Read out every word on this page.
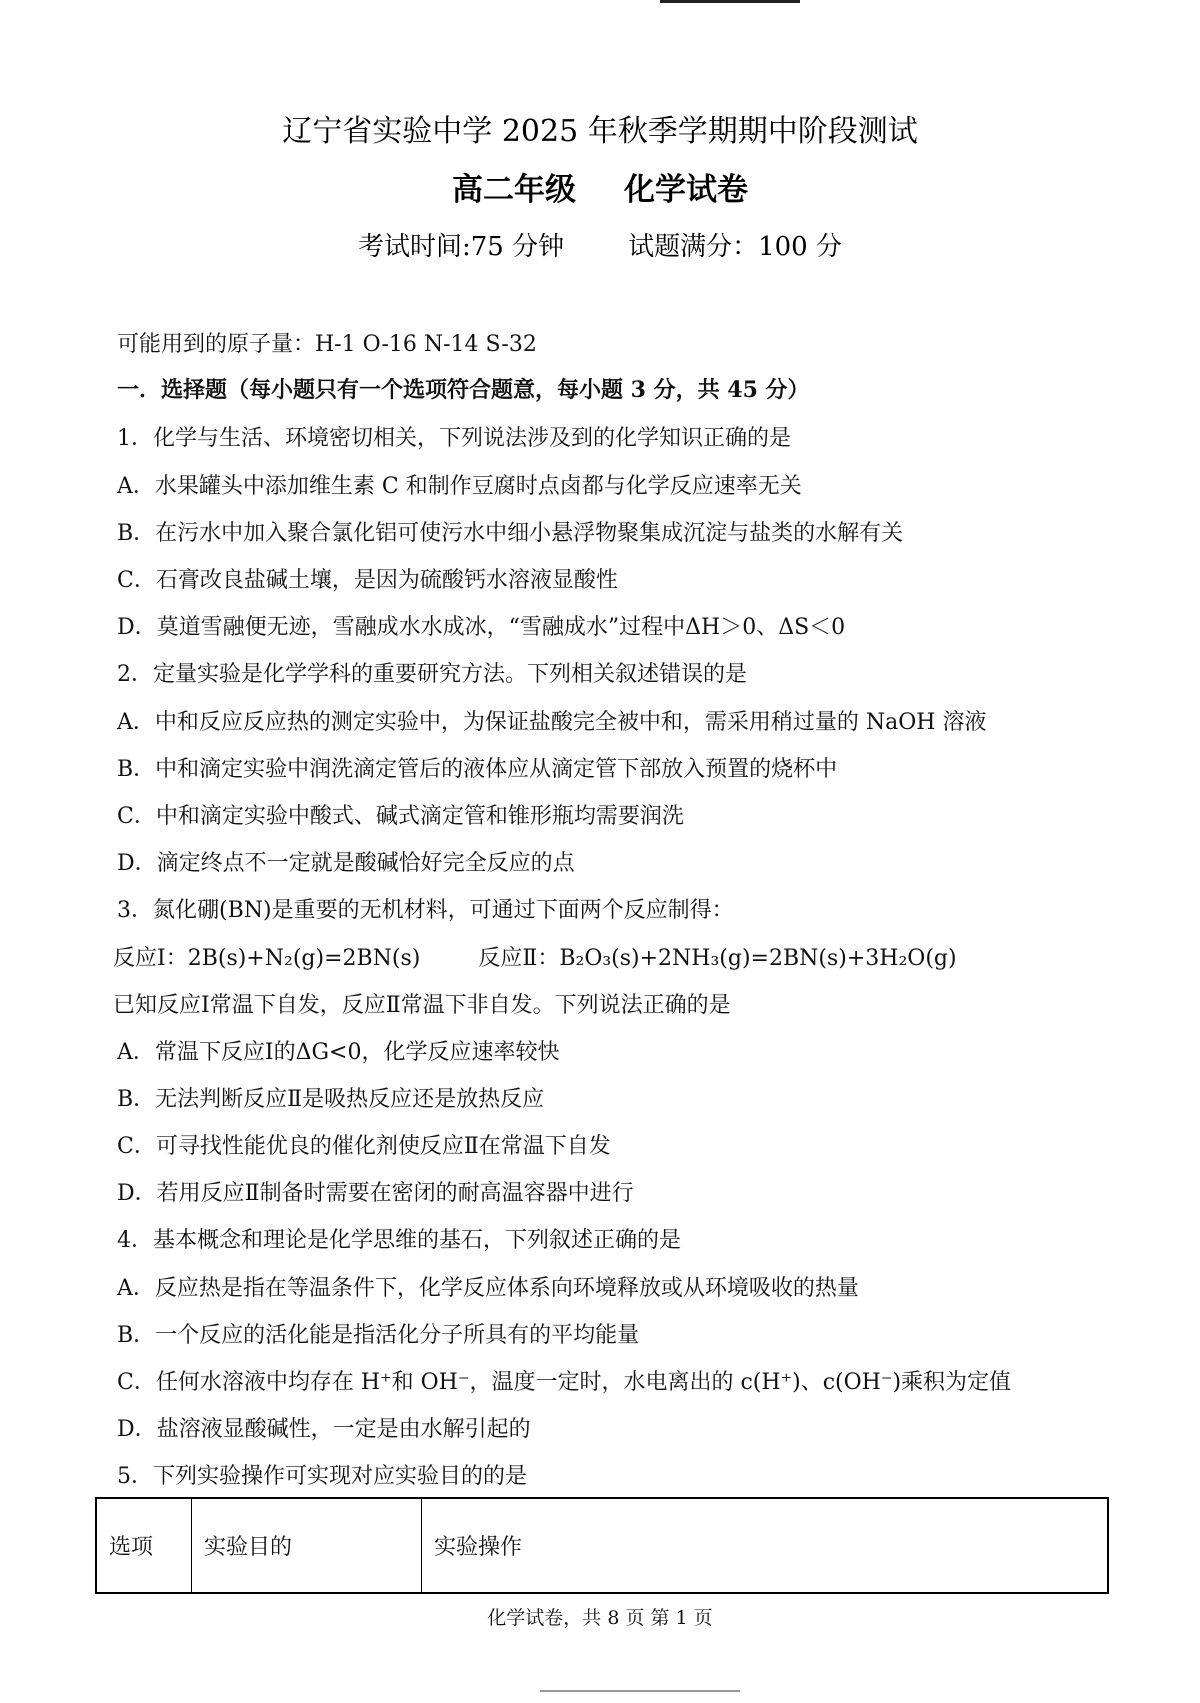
辽宁省实验中学 2025 年秋季学期期中阶段测试
高二年级 化学试卷
考试时间:75 分钟 试题满分：100 分
可能用到的原子量：H-1 O-16 N-14 S-32
一．选择题（每小题只有一个选项符合题意，每小题 3 分，共 45 分）
1．化学与生活、环境密切相关，下列说法涉及到的化学知识正确的是
A．水果罐头中添加维生素 C 和制作豆腐时点卤都与化学反应速率无关
B．在污水中加入聚合氯化铝可使污水中细小悬浮物聚集成沉淀与盐类的水解有关
C．石膏改良盐碱土壤，是因为硫酸钙水溶液显酸性
D．莫道雪融便无迹，雪融成水水成冰，“雪融成水”过程中ΔH＞0、ΔS＜0
2．定量实验是化学学科的重要研究方法。下列相关叙述错误的是
A．中和反应反应热的测定实验中，为保证盐酸完全被中和，需采用稍过量的 NaOH 溶液
B．中和滴定实验中润洗滴定管后的液体应从滴定管下部放入预置的烧杯中
C．中和滴定实验中酸式、碱式滴定管和锥形瓶均需要润洗
D．滴定终点不一定就是酸碱恰好完全反应的点
3．氮化硼(BN)是重要的无机材料，可通过下面两个反应制得：
反应Ⅰ：2B(s)+N₂(g)=2BN(s)	反应Ⅱ：B₂O₃(s)+2NH₃(g)=2BN(s)+3H₂O(g)
已知反应Ⅰ常温下自发，反应Ⅱ常温下非自发。下列说法正确的是
A．常温下反应Ⅰ的ΔG<0，化学反应速率较快
B．无法判断反应Ⅱ是吸热反应还是放热反应
C．可寻找性能优良的催化剂使反应Ⅱ在常温下自发
D．若用反应Ⅱ制备时需要在密闭的耐高温容器中进行
4．基本概念和理论是化学思维的基石，下列叙述正确的是
A．反应热是指在等温条件下，化学反应体系向环境释放或从环境吸收的热量
B．一个反应的活化能是指活化分子所具有的平均能量
C．任何水溶液中均存在 H⁺和 OH⁻，温度一定时，水电离出的 c(H⁺)、c(OH⁻)乘积为定值
D．盐溶液显酸碱性，一定是由水解引起的
5．下列实验操作可实现对应实验目的的是
选项	实验目的	实验操作
化学试卷，共 8 页 第 1 页
